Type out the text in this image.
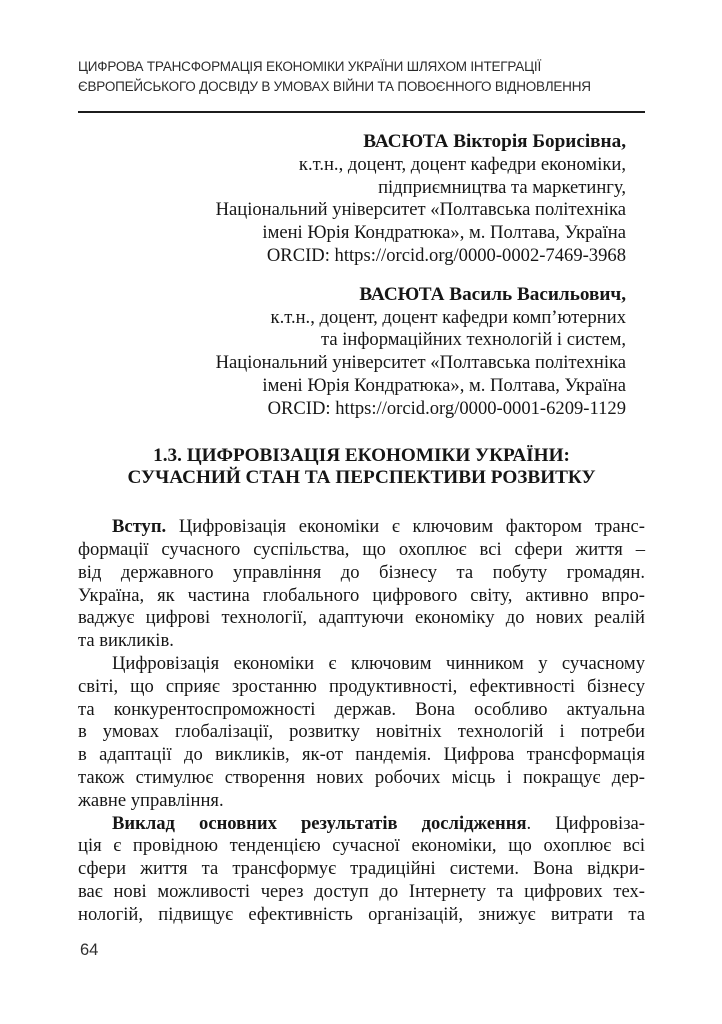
ЦИФРОВА ТРАНСФОРМАЦІЯ ЕКОНОМІКИ УКРАЇНИ ШЛЯХОМ ІНТЕГРАЦІЇ
ЄВРОПЕЙСЬКОГО ДОСВІДУ В УМОВАХ ВІЙНИ ТА ПОВОЄННОГО ВІДНОВЛЕННЯ
ВАСЮТА Вікторія Борисівна,
к.т.н., доцент, доцент кафедри економіки,
підприємництва та маркетингу,
Національний університет «Полтавська політехніка
імені Юрія Кондратюка», м. Полтава, Україна
ORCID: https://orcid.org/0000-0002-7469-3968
ВАСЮТА Василь Васильович,
к.т.н., доцент, доцент кафедри комп’ютерних
та інформаційних технологій і систем,
Національний університет «Полтавська політехніка
імені Юрія Кондратюка», м. Полтава, Україна
ORCID: https://orcid.org/0000-0001-6209-1129
1.3. ЦИФРОВІЗАЦІЯ ЕКОНОМІКИ УКРАЇНИ:
СУЧАСНИЙ СТАН ТА ПЕРСПЕКТИВИ РОЗВИТКУ
Вступ. Цифровізація економіки є ключовим фактором транс-
формації сучасного суспільства, що охоплює всі сфери життя –
від державного управління до бізнесу та побуту громадян.
Україна, як частина глобального цифрового світу, активно впро-
ваджує цифрові технології, адаптуючи економіку до нових реалій
та викликів.
Цифровізація економіки є ключовим чинником у сучасному
світі, що сприяє зростанню продуктивності, ефективності бізнесу
та конкурентоспроможності держав. Вона особливо актуальна
в умовах глобалізації, розвитку новітніх технологій і потреби
в адаптації до викликів, як-от пандемія. Цифрова трансформація
також стимулює створення нових робочих місць і покращує дер-
жавне управління.
Виклад основних результатів дослідження. Цифровіза-
ція є провідною тенденцією сучасної економіки, що охоплює всі
сфери життя та трансформує традиційні системи. Вона відкри-
ває нові можливості через доступ до Інтернету та цифрових тех-
нологій, підвищує ефективність організацій, знижує витрати та
64
